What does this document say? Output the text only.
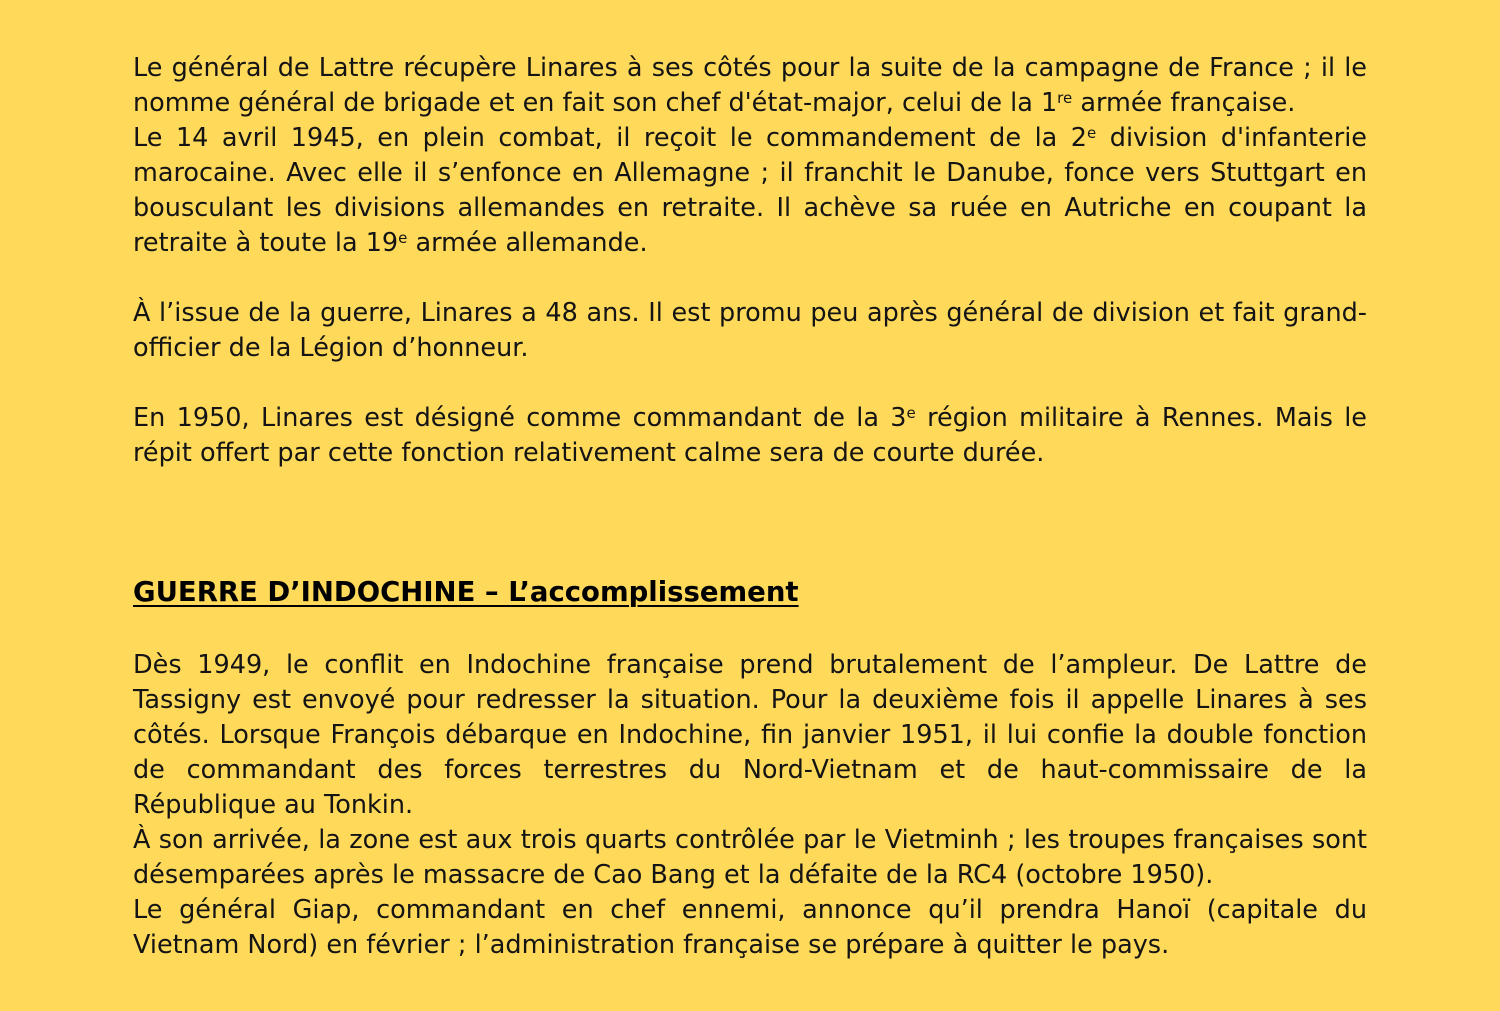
Le général de Lattre récupère Linares à ses côtés pour la suite de la campagne de France ; il le nomme général de brigade et en fait son chef d'état-major, celui de la 1re armée française.

Le 14 avril 1945, en plein combat, il reçoit le commandement de la 2e division d'infanterie marocaine. Avec elle il s’enfonce en Allemagne ; il franchit le Danube, fonce vers Stuttgart en bousculant les divisions allemandes en retraite. Il achève sa ruée en Autriche en coupant la retraite à toute la 19e armée allemande.

À l’issue de la guerre, Linares a 48 ans. Il est promu peu après général de division et fait grand-officier de la Légion d’honneur.

En 1950, Linares est désigné comme commandant de la 3e région militaire à Rennes. Mais le répit offert par cette fonction relativement calme sera de courte durée.

GUERRE D’INDOCHINE – L’accomplissement

Dès 1949, le conflit en Indochine française prend brutalement de l’ampleur. De Lattre de Tassigny est envoyé pour redresser la situation. Pour la deuxième fois il appelle Linares à ses côtés. Lorsque François débarque en Indochine, fin janvier 1951, il lui confie la double fonction de commandant des forces terrestres du Nord-Vietnam et de haut-commissaire de la République au Tonkin.

À son arrivée, la zone est aux trois quarts contrôlée par le Vietminh ; les troupes françaises sont désemparées après le massacre de Cao Bang et la défaite de la RC4 (octobre 1950).

Le général Giap, commandant en chef ennemi, annonce qu’il prendra Hanoï (capitale du Vietnam Nord) en février ; l’administration française se prépare à quitter le pays.
